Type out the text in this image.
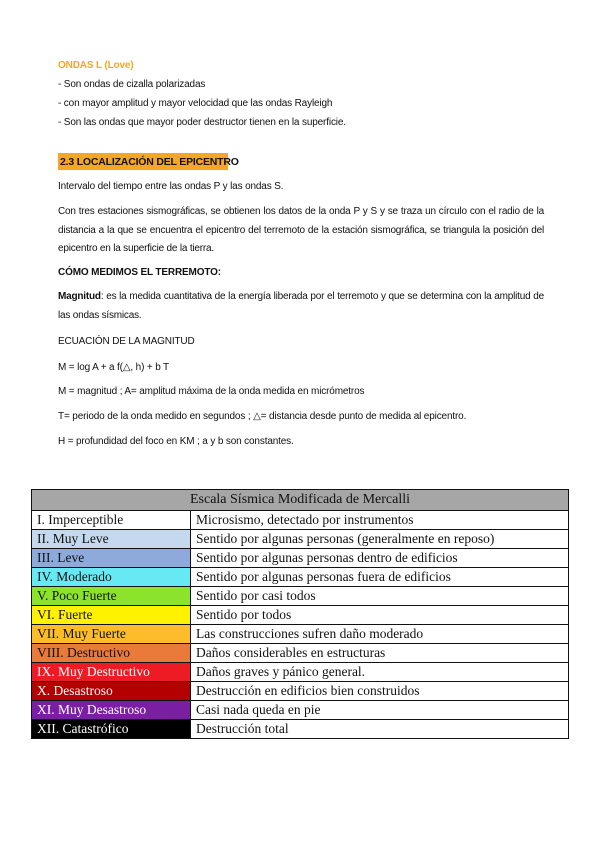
ONDAS L (Love)
- Son ondas de cizalla polarizadas
- con mayor amplitud y mayor velocidad que las ondas Rayleigh
- Son las ondas que mayor poder destructor tienen en la superficie.
2.3 LOCALIZACIÓN DEL EPICENTRO
Intervalo del tiempo entre las ondas P y las ondas S.
Con tres estaciones sismográficas, se obtienen los datos de la onda P y S y se traza un círculo con el radio de la distancia a la que se encuentra el epicentro del terremoto de la estación sismográfica, se triangula la posición del epicentro en la superficie de la tierra.
CÓMO MEDIMOS EL TERREMOTO:
Magnitud: es la medida cuantitativa de la energía liberada por el terremoto y que se determina con la amplitud de las ondas sísmicas.
ECUACIÓN DE LA MAGNITUD
M = log A + a f(△, h) + b T
M = magnitud ; A= amplitud máxima de la onda medida en micrómetros
T= periodo de la onda medido en segundos ; △= distancia desde punto de medida al epicentro.
H = profundidad del foco en KM ; a y b son constantes.
Escala Sísmica Modificada de Mercalli	
I. Imperceptible	Microsismo, detectado por instrumentos
II. Muy Leve	Sentido por algunas personas (generalmente en reposo)
III. Leve	Sentido por algunas personas dentro de edificios
IV. Moderado	Sentido por algunas personas fuera de edificios
V. Poco Fuerte	Sentido por casi todos
VI. Fuerte	Sentido por todos
VII. Muy Fuerte	Las construcciones sufren daño moderado
VIII. Destructivo	Daños considerables en estructuras
IX. Muy Destructivo	Daños graves y pánico general.
X. Desastroso	Destrucción en edificios bien construidos
XI. Muy Desastroso	Casi nada queda en pie
XII. Catastrófico	Destrucción total
